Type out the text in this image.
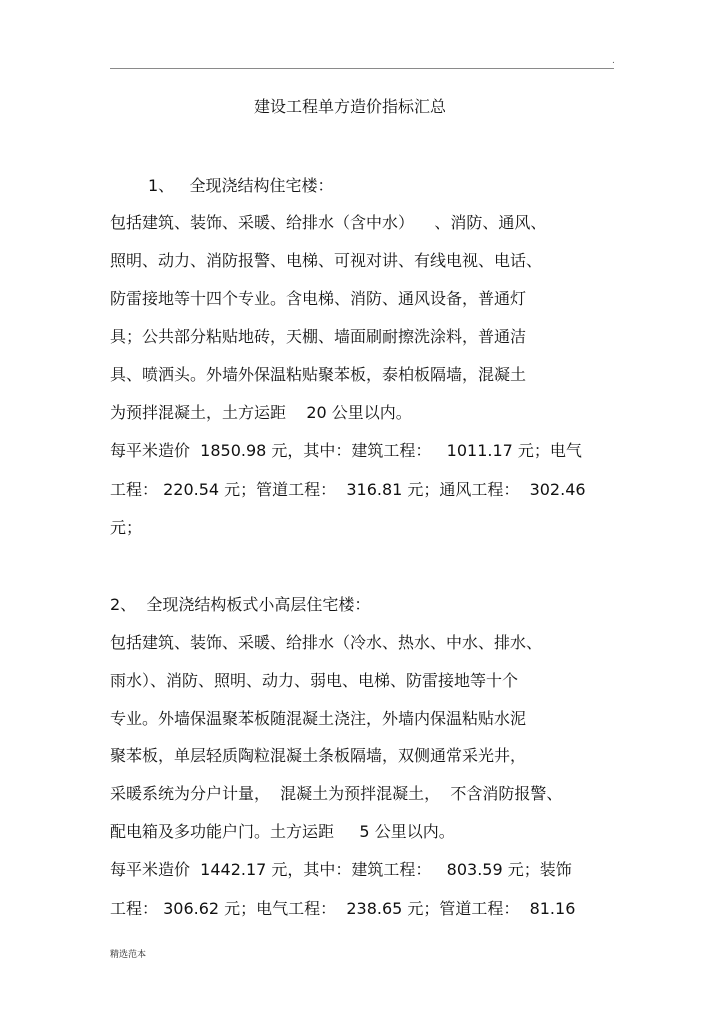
.
建设工程单方造价指标汇总
1、   全现浇结构住宅楼：
包括建筑、装饰、采暖、给排水（含中水）    、消防、通风、
照明、动力、消防报警、电梯、可视对讲、有线电视、电话、
防雷接地等十四个专业。含电梯、消防、通风设备，普通灯
具；公共部分粘贴地砖，天棚、墙面刷耐擦洗涂料，普通洁
具、喷洒头。外墙外保温粘贴聚苯板，泰柏板隔墙，混凝土
为预拌混凝土，土方运距    20 公里以内。
每平米造价  1850.98 元，其中：建筑工程：   1011.17 元；电气
工程： 220.54 元；管道工程：  316.81 元；通风工程：  302.46
元；
2、  全现浇结构板式小高层住宅楼：
包括建筑、装饰、采暖、给排水（冷水、热水、中水、排水、
雨水）、消防、照明、动力、弱电、电梯、防雷接地等十个
专业。外墙保温聚苯板随混凝土浇注，外墙内保温粘贴水泥
聚苯板，单层轻质陶粒混凝土条板隔墙，双侧通常采光井，
采暖系统为分户计量，  混凝土为预拌混凝土，  不含消防报警、
配电箱及多功能户门。土方运距     5 公里以内。
每平米造价  1442.17 元，其中：建筑工程：   803.59 元；装饰
工程： 306.62 元；电气工程：  238.65 元；管道工程：  81.16
精选范本
